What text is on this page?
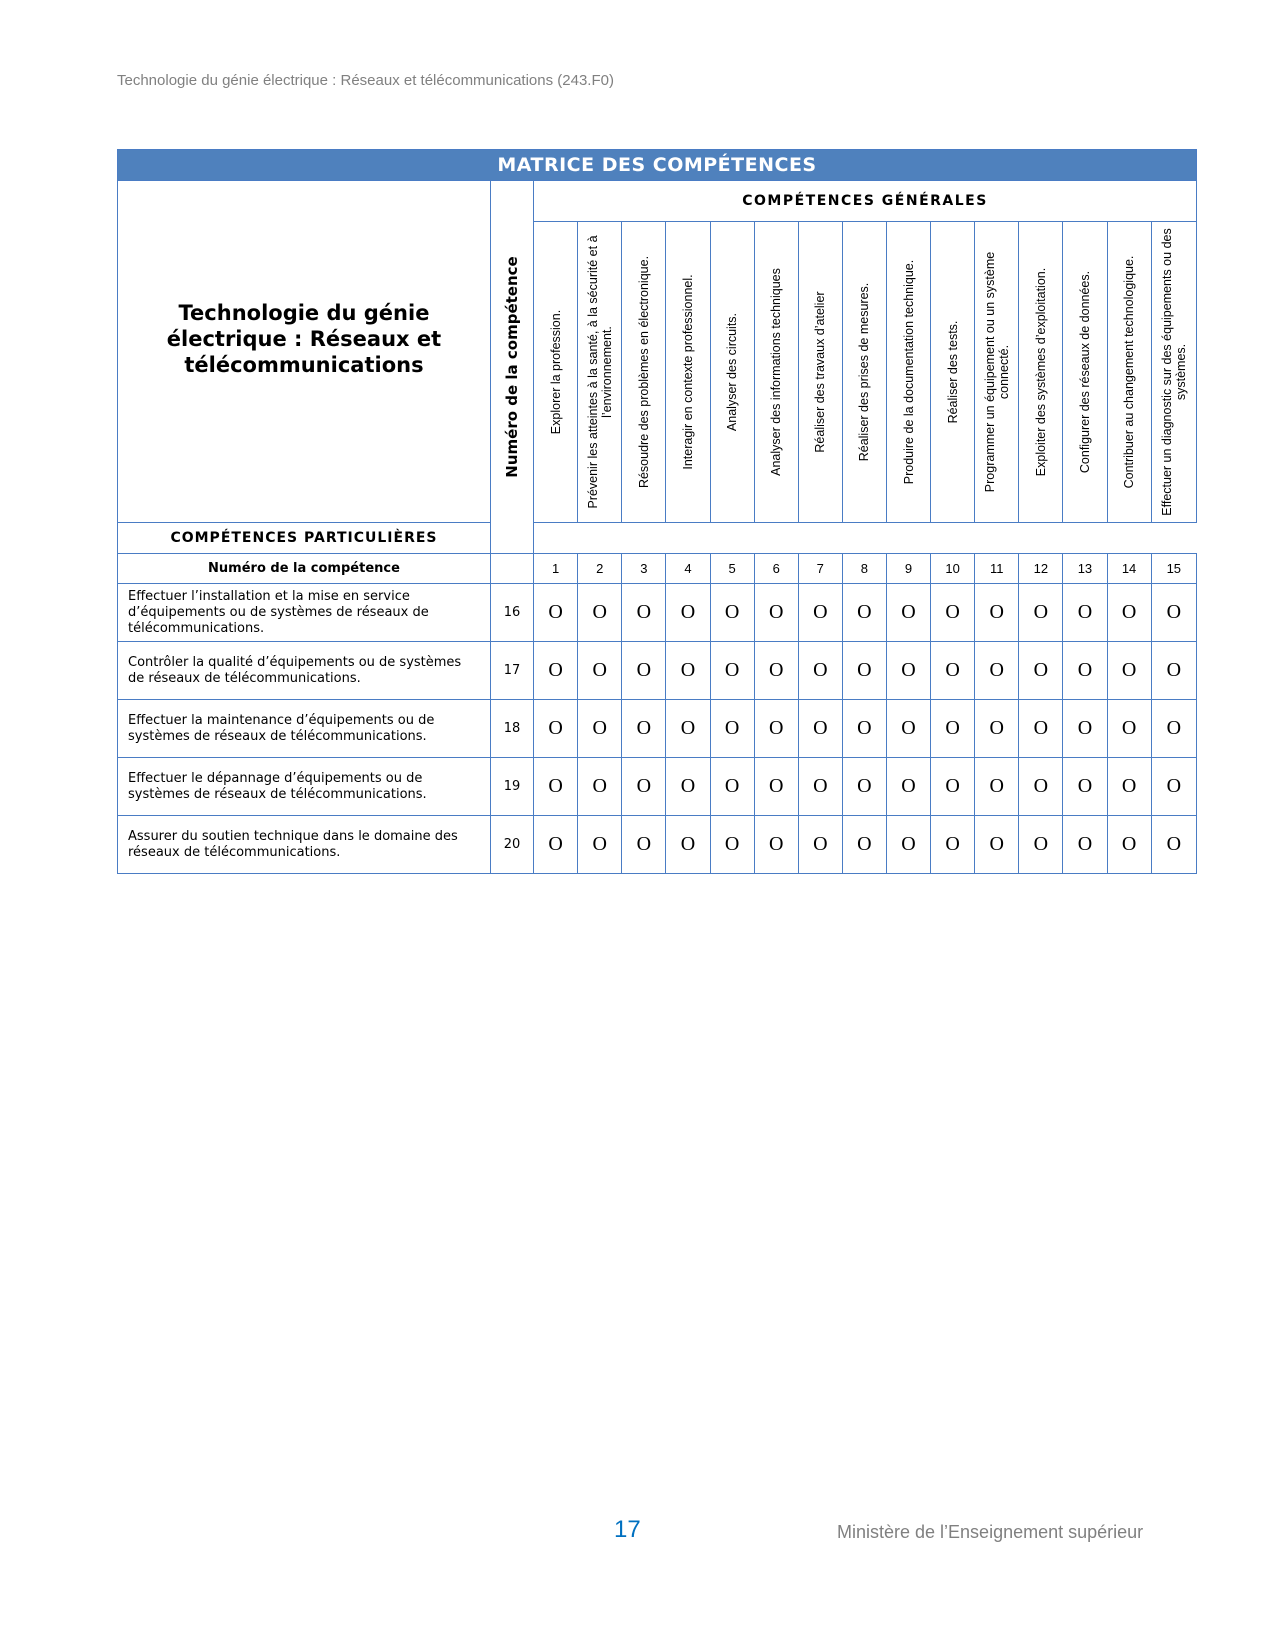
Technologie du génie électrique : Réseaux et télécommunications (243.F0)
MATRICE DES COMPÉTENCES																

Technologie du génie électrique : Réseaux et télécommunications	Numéro de la compétence	COMPÉTENCES GÉNÉRALES														

		Explorer la profession.	Prévenir les atteintes à la santé, à la sécurité et à l’environnement.	Résoudre des problèmes en électronique.	Interagir en contexte professionnel.	Analyser des circuits.	Analyser des informations techniques	Réaliser des travaux d’atelier	Réaliser des prises de mesures.	Produire de la documentation technique.	Réaliser des tests.	Programmer un équipement ou un système connecté.	Exploiter des systèmes d’exploitation.	Configurer des réseaux de données.	Contribuer au changement technologique.	Effectuer un diagnostic sur des équipements ou des systèmes.

COMPÉTENCES PARTICULIÈRES																
Numéro de la compétence		1	2	3	4	5	6	7	8	9	10	11	12	13	14	15
Effectuer l’installation et la mise en service d’équipements ou de systèmes de réseaux de télécommunications.	16	O	O	O	O	O	O	O	O	O	O	O	O	O	O	O
Contrôler la qualité d’équipements ou de systèmes de réseaux de télécommunications.	17	O	O	O	O	O	O	O	O	O	O	O	O	O	O	O
Effectuer la maintenance d’équipements ou de systèmes de réseaux de télécommunications.	18	O	O	O	O	O	O	O	O	O	O	O	O	O	O	O
Effectuer le dépannage d’équipements ou de systèmes de réseaux de télécommunications.	19	O	O	O	O	O	O	O	O	O	O	O	O	O	O	O
Assurer du soutien technique dans le domaine des réseaux de télécommunications.	20	O	O	O	O	O	O	O	O	O	O	O	O	O	O	O
17	Ministère de l’Enseignement supérieur
